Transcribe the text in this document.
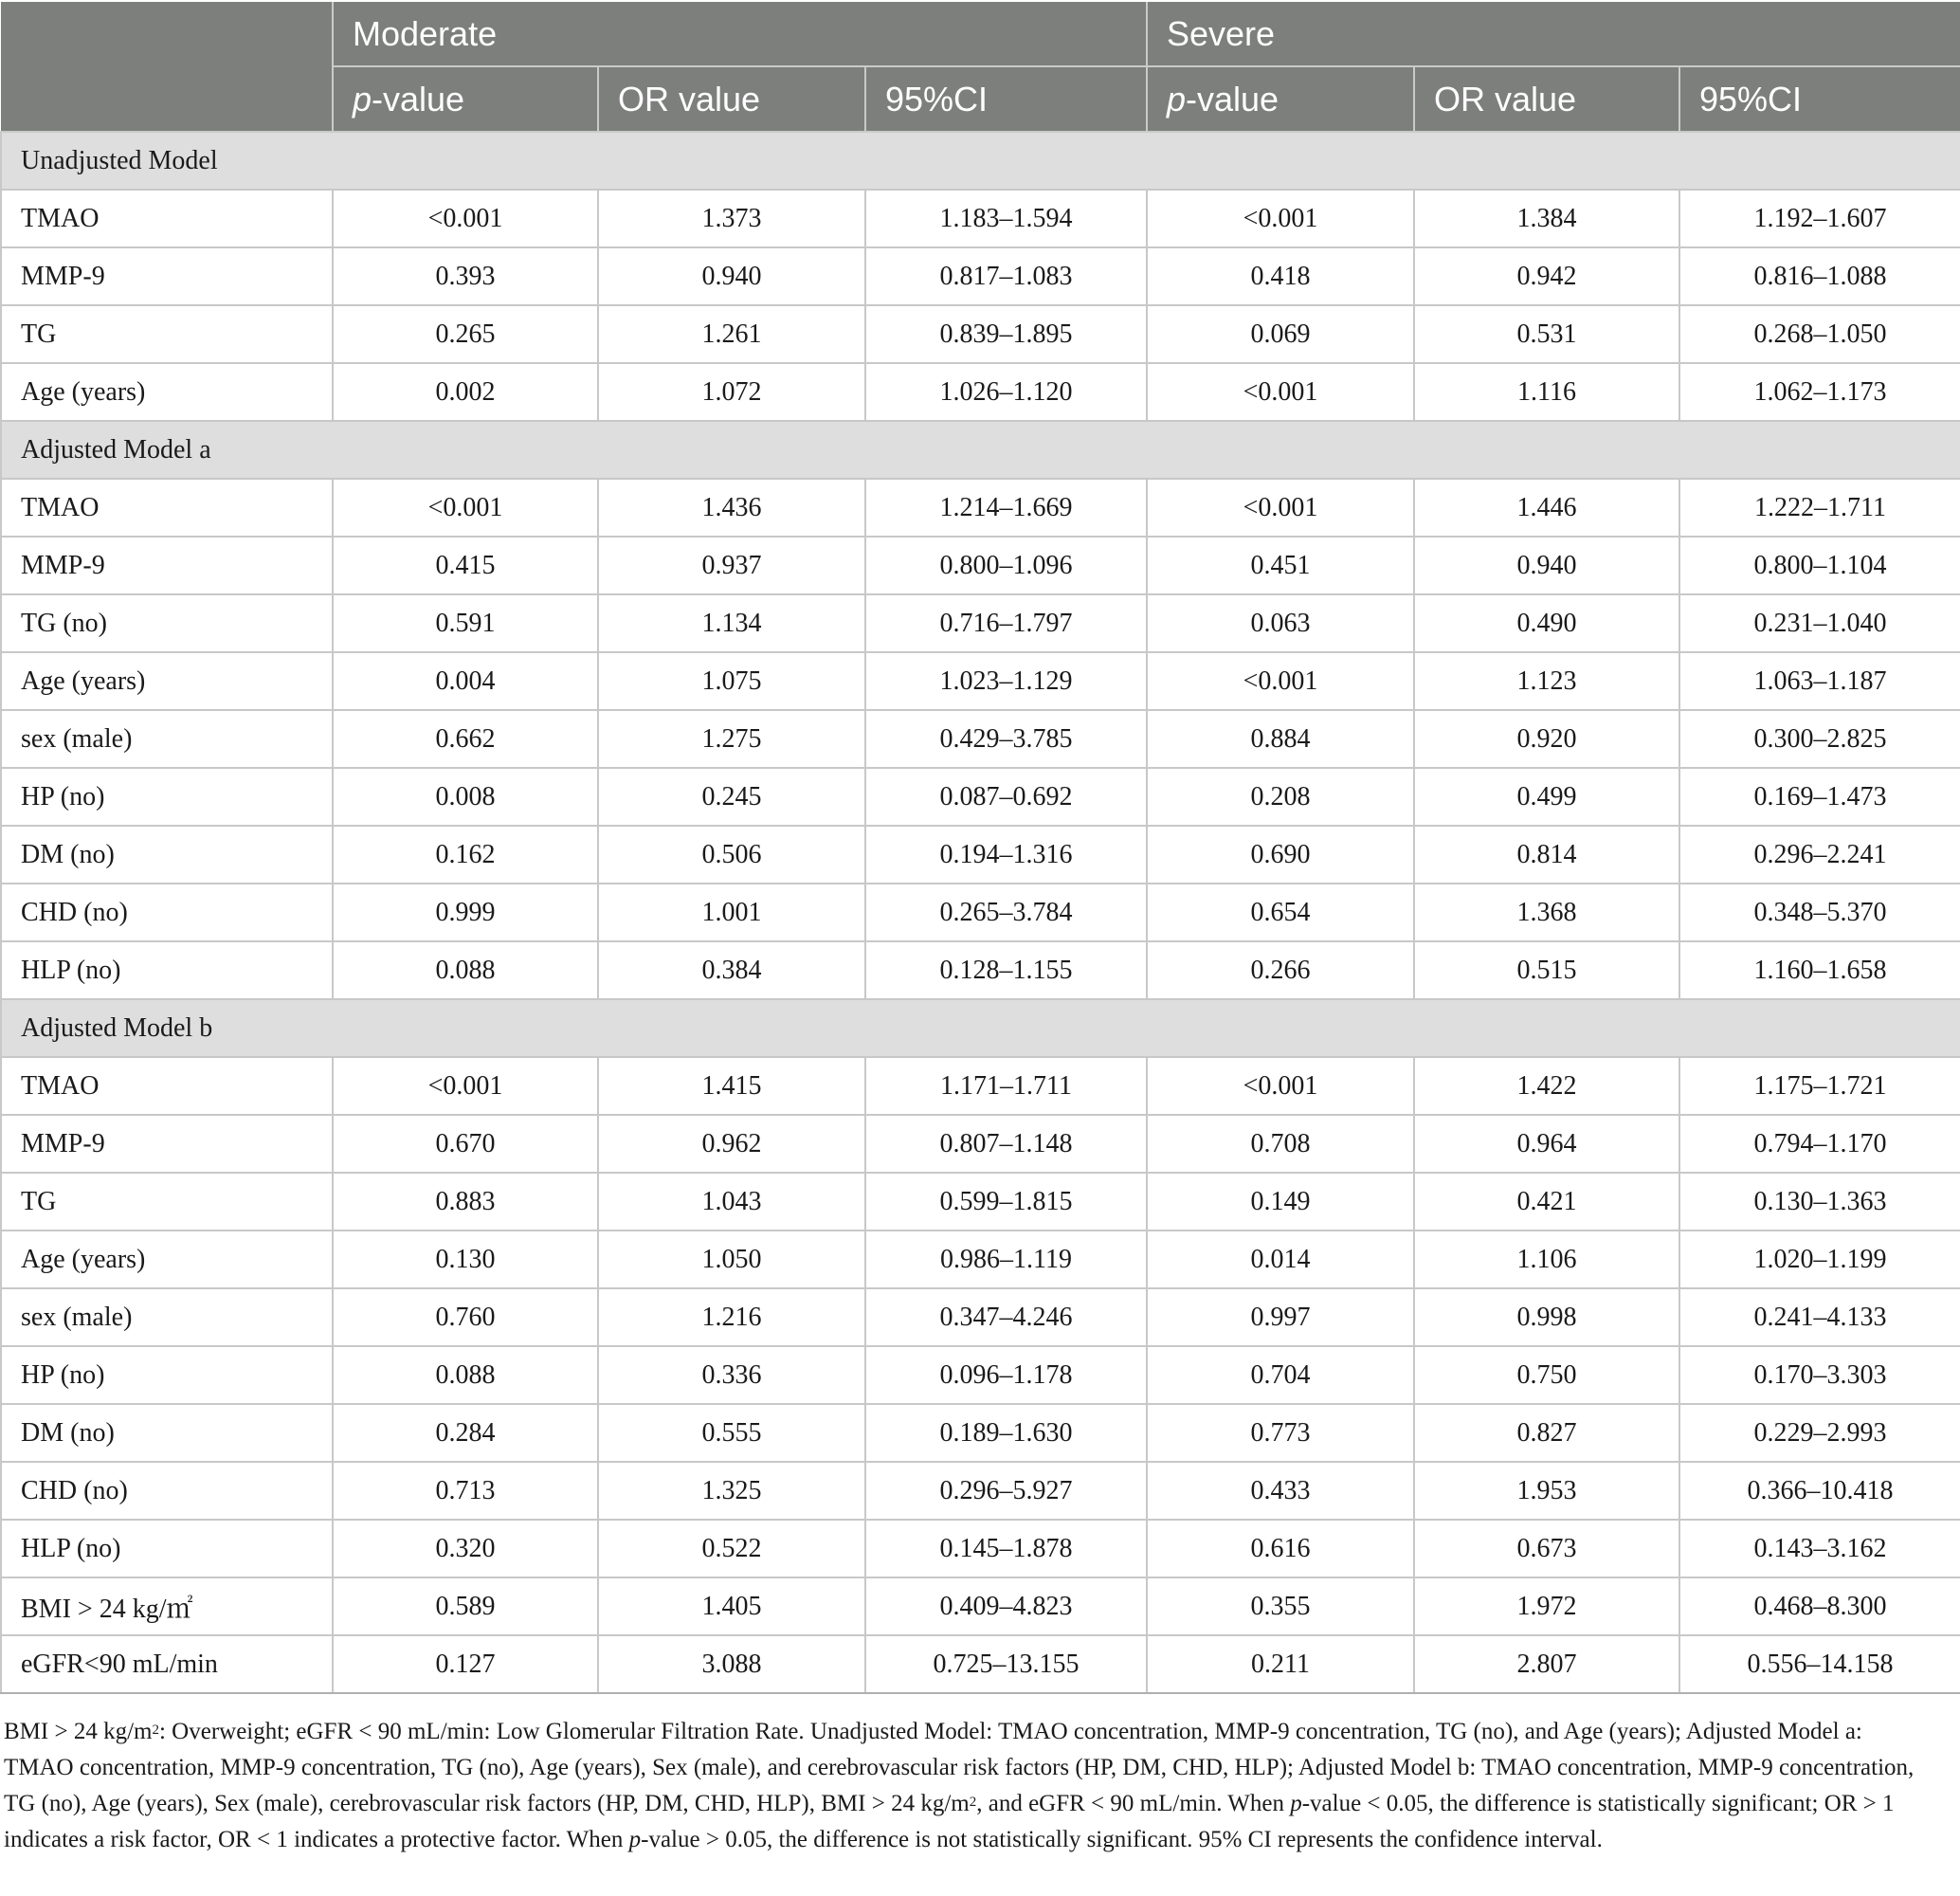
	Moderate			Severe		
	p-value	OR value	95%CI	p-value	OR value	95%CI
Unadjusted Model						
TMAO	<0.001	1.373	1.183–1.594	<0.001	1.384	1.192–1.607
MMP-9	0.393	0.940	0.817–1.083	0.418	0.942	0.816–1.088
TG	0.265	1.261	0.839–1.895	0.069	0.531	0.268–1.050
Age (years)	0.002	1.072	1.026–1.120	<0.001	1.116	1.062–1.173
Adjusted Model a						
TMAO	<0.001	1.436	1.214–1.669	<0.001	1.446	1.222–1.711
MMP-9	0.415	0.937	0.800–1.096	0.451	0.940	0.800–1.104
TG (no)	0.591	1.134	0.716–1.797	0.063	0.490	0.231–1.040
Age (years)	0.004	1.075	1.023–1.129	<0.001	1.123	1.063–1.187
sex (male)	0.662	1.275	0.429–3.785	0.884	0.920	0.300–2.825
HP (no)	0.008	0.245	0.087–0.692	0.208	0.499	0.169–1.473
DM (no)	0.162	0.506	0.194–1.316	0.690	0.814	0.296–2.241
CHD (no)	0.999	1.001	0.265–3.784	0.654	1.368	0.348–5.370
HLP (no)	0.088	0.384	0.128–1.155	0.266	0.515	1.160–1.658
Adjusted Model b						
TMAO	<0.001	1.415	1.171–1.711	<0.001	1.422	1.175–1.721
MMP-9	0.670	0.962	0.807–1.148	0.708	0.964	0.794–1.170
TG	0.883	1.043	0.599–1.815	0.149	0.421	0.130–1.363
Age (years)	0.130	1.050	0.986–1.119	0.014	1.106	1.020–1.199
sex (male)	0.760	1.216	0.347–4.246	0.997	0.998	0.241–4.133
HP (no)	0.088	0.336	0.096–1.178	0.704	0.750	0.170–3.303
DM (no)	0.284	0.555	0.189–1.630	0.773	0.827	0.229–2.993
CHD (no)	0.713	1.325	0.296–5.927	0.433	1.953	0.366–10.418
HLP (no)	0.320	0.522	0.145–1.878	0.616	0.673	0.143–3.162
BMI > 24 kg/㎡	0.589	1.405	0.409–4.823	0.355	1.972	0.468–8.300
eGFR<90 mL/min	0.127	3.088	0.725–13.155	0.211	2.807	0.556–14.158
BMI > 24 $kg/m^2$: Overweight; eGFR < 90 mL/min: Low Glomerular Filtration Rate. Unadjusted Model: TMAO concentration, MMP-9 concentration, TG (no), and Age (years); Adjusted Model a: TMAO concentration, MMP-9 concentration, TG (no), Age (years), Sex (male), and cerebrovascular risk factors (HP, DM, CHD, HLP); Adjusted Model b: TMAO concentration, MMP-9 concentration, TG (no), Age (years), Sex (male), cerebrovascular risk factors (HP, DM, CHD, HLP), BMI > 24 $kg/m^2$, and eGFR < 90 mL/min. When p-value < 0.05, the difference is statistically significant; OR > 1 indicates a risk factor, OR < 1 indicates a protective factor. When p-value > 0.05, the difference is not statistically significant. 95% CI represents the confidence interval.
